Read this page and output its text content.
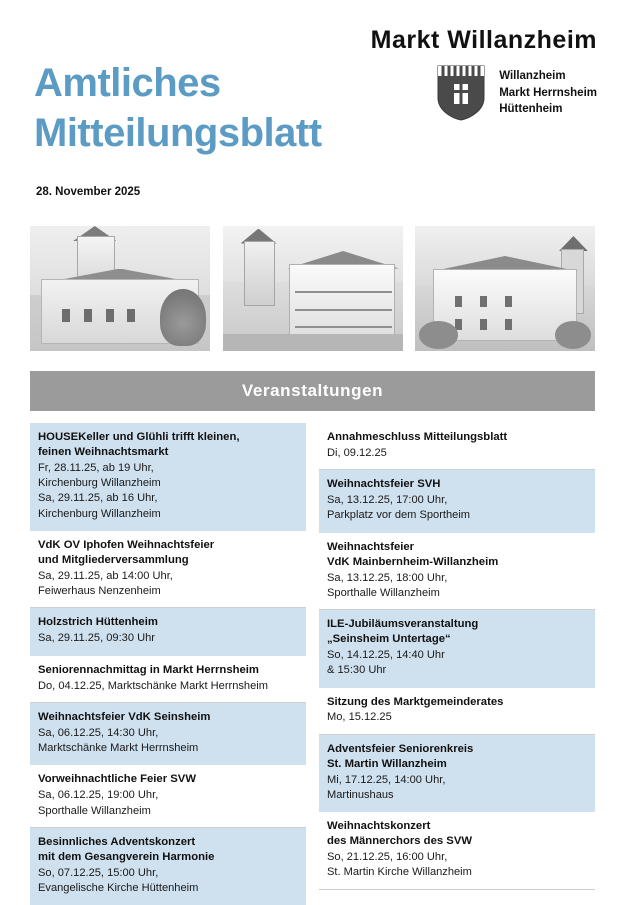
Markt Willanzheim
Willanzheim
Markt Herrnsheim
Hüttenheim
Amtliches
Mitteilungsblatt
28. November 2025
Veranstaltungen
HOUSEKeller und Glühli trifft kleinen,
feinen Weihnachtsmarkt
Fr, 28.11.25, ab 19 Uhr,
Kirchenburg Willanzheim
Sa, 29.11.25, ab 16 Uhr,
Kirchenburg Willanzheim
VdK OV Iphofen Weihnachtsfeier
und Mitgliederversammlung
Sa, 29.11.25, ab 14:00 Uhr,
Feiwerhaus Nenzenheim
Holzstrich Hüttenheim
Sa, 29.11.25, 09:30 Uhr
Seniorennachmittag in Markt Herrnsheim
Do, 04.12.25, Marktschänke Markt Herrnsheim
Weihnachtsfeier VdK Seinsheim
Sa, 06.12.25, 14:30 Uhr,
Marktschänke Markt Herrnsheim
Vorweihnachtliche Feier SVW
Sa, 06.12.25, 19:00 Uhr,
Sporthalle Willanzheim
Besinnliches Adventskonzert
mit dem Gesangverein Harmonie
So, 07.12.25, 15:00 Uhr,
Evangelische Kirche Hüttenheim
Annahmeschluss Mitteilungsblatt
Di, 09.12.25
Weihnachtsfeier SVH
Sa, 13.12.25, 17:00 Uhr,
Parkplatz vor dem Sportheim
Weihnachtsfeier
VdK Mainbernheim-Willanzheim
Sa, 13.12.25, 18:00 Uhr,
Sporthalle Willanzheim
ILE-Jubiläumsveranstaltung
„Seinsheim Untertage“
So, 14.12.25, 14:40 Uhr
& 15:30 Uhr
Sitzung des Marktgemeinderates
Mo, 15.12.25
Adventsfeier Seniorenkreis
St. Martin Willanzheim
Mi, 17.12.25, 14:00 Uhr,
Martinushaus
Weihnachtskonzert
des Männerchors des SVW
So, 21.12.25, 16:00 Uhr,
St. Martin Kirche Willanzheim
